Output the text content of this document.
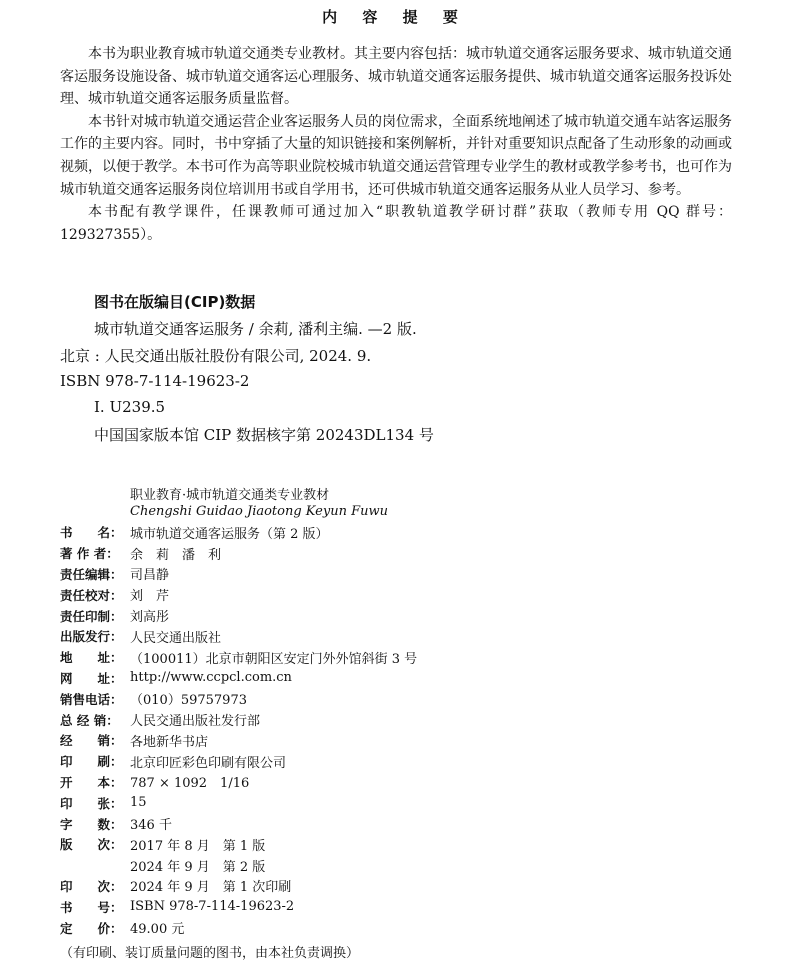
内 容 提 要

本书为职业教育城市轨道交通类专业教材。其主要内容包括：城市轨道交通客运服务要求、城市轨道交通客运服务设施设备、城市轨道交通客运心理服务、城市轨道交通客运服务提供、城市轨道交通客运服务投诉处理、城市轨道交通客运服务质量监督。

本书针对城市轨道交通运营企业客运服务人员的岗位需求，全面系统地阐述了城市轨道交通车站客运服务工作的主要内容。同时，书中穿插了大量的知识链接和案例解析，并针对重要知识点配备了生动形象的动画或视频，以便于教学。本书可作为高等职业院校城市轨道交通运营管理专业学生的教材或教学参考书，也可作为城市轨道交通客运服务岗位培训用书或自学用书，还可供城市轨道交通客运服务从业人员学习、参考。

本书配有教学课件，任课教师可通过加入“职教轨道教学研讨群”获取（教师专用 QQ 群号：129327355）。

图书在版编目(CIP)数据
城市轨道交通客运服务 / 余莉, 潘利主编. —2 版.
北京 : 人民交通出版社股份有限公司, 2024. 9.
ISBN 978-7-114-19623-2
Ⅰ. U239.5
中国国家版本馆 CIP 数据核字第 20243DL134 号
职业教育·城市轨道交通类专业教材
Chengshi Guidao Jiaotong Keyun Fuwu
书　　名： 城市轨道交通客运服务（第 2 版）
著 作 者： 余　莉　潘　利
责任编辑： 司昌静
责任校对： 刘　芹
责任印制： 刘高彤
出版发行： 人民交通出版社
地　　址： （100011）北京市朝阳区安定门外外馆斜街 3 号
网　　址： http://www.ccpcl.com.cn
销售电话： （010）59757973
总 经 销： 人民交通出版社发行部
经　　销： 各地新华书店
印　　刷： 北京印匠彩色印刷有限公司
开　　本： 787 × 1092　1/16
印　　张： 15
字　　数： 346 千
版　　次： 2017 年 8 月　第 1 版
2024 年 9 月　第 2 版
印　　次： 2024 年 9 月　第 1 次印刷
书　　号： ISBN 978-7-114-19623-2
定　　价： 49.00 元
（有印刷、装订质量问题的图书，由本社负责调换）
